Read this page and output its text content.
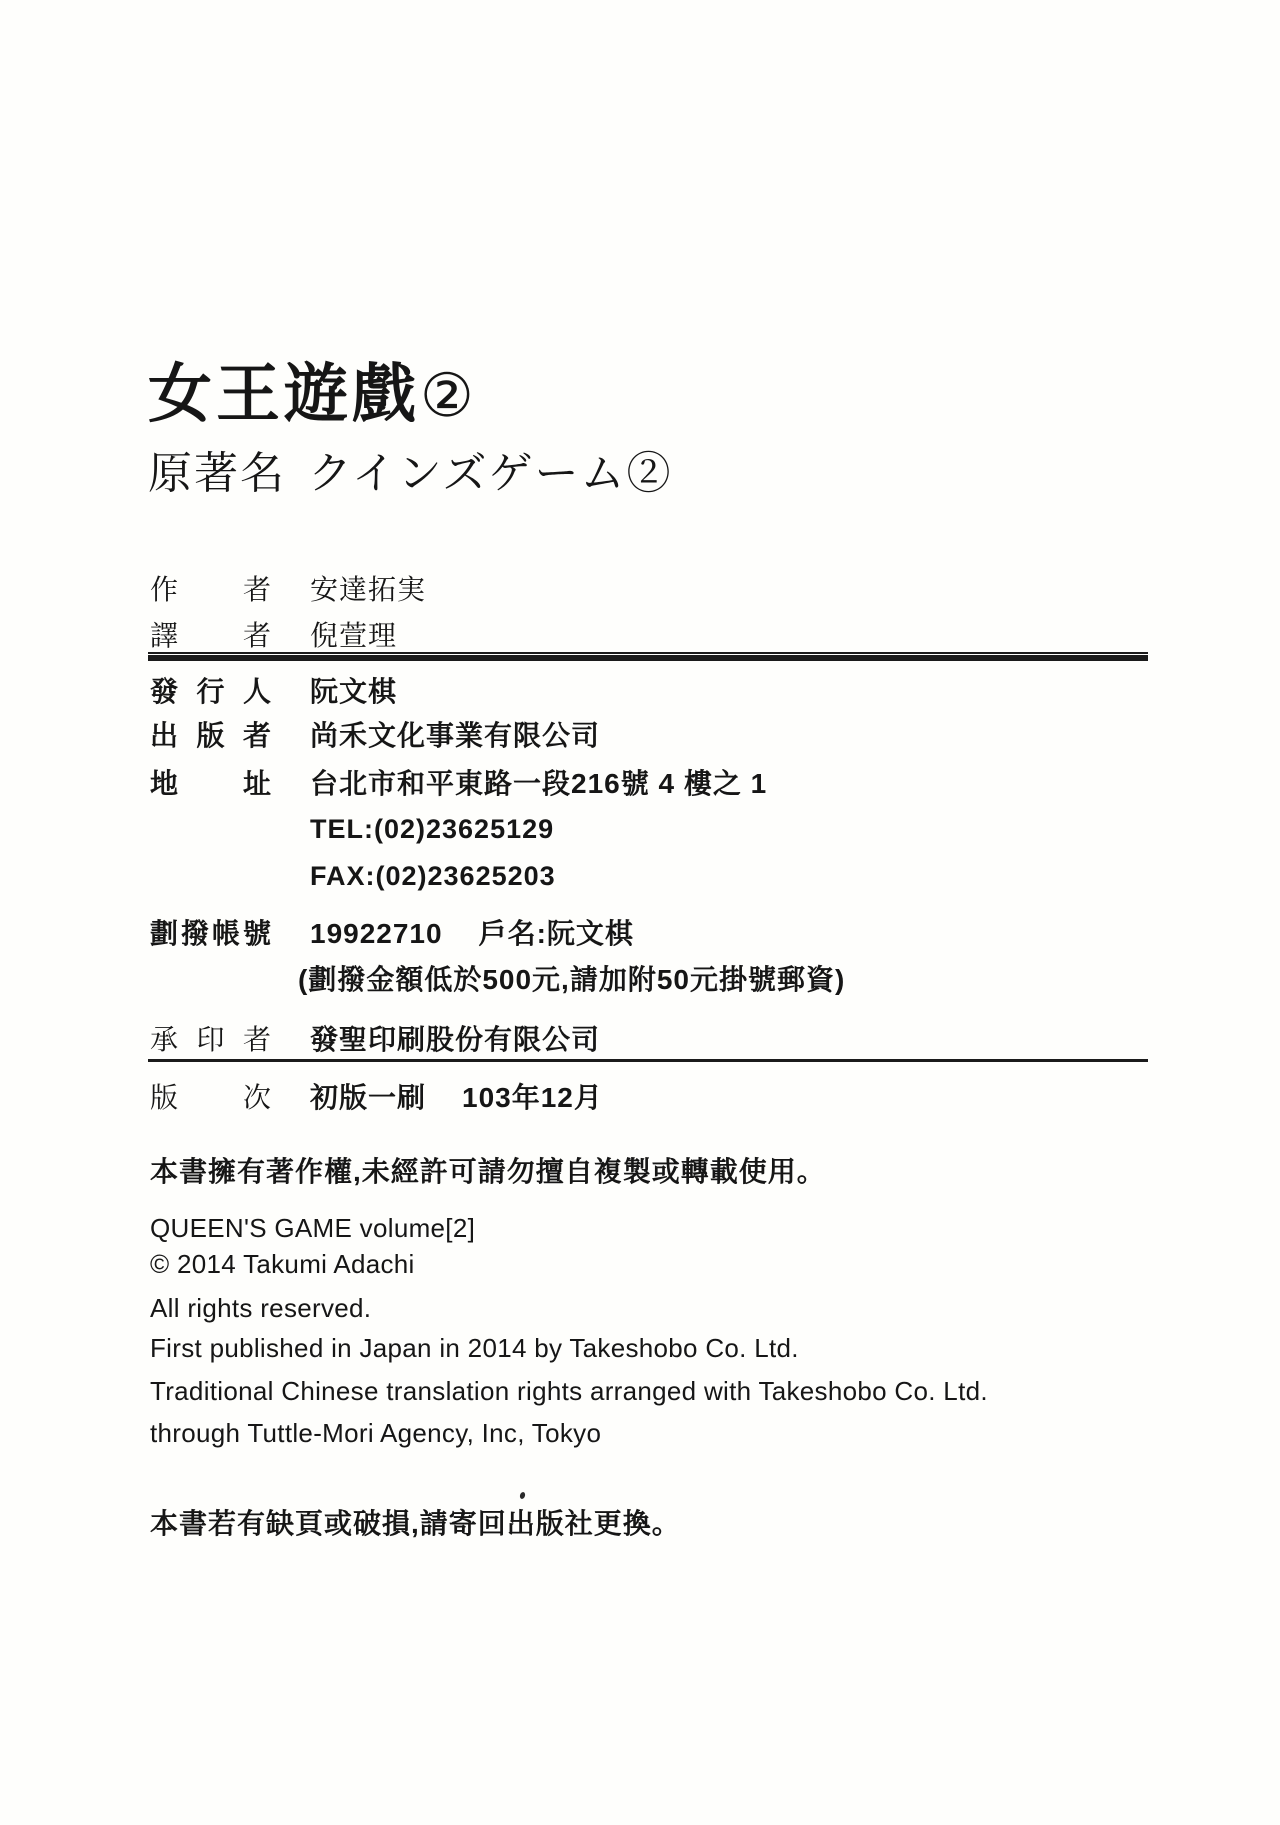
女王遊戲②
原著名 クインズゲーム②
作者 安達拓実
譯者 倪萱理
發行人 阮文棋
出版者 尚禾文化事業有限公司
地址 台北市和平東路一段216號 4 樓之 1
TEL:(02)23625129
FAX:(02)23625203
劃撥帳號 19922710 戶名:阮文棋
(劃撥金額低於500元,請加附50元掛號郵資)
承印者 發聖印刷股份有限公司
版次 初版一刷 103年12月
本書擁有著作權,未經許可請勿擅自複製或轉載使用。
QUEEN'S GAME volume[2]
© 2014 Takumi Adachi
All rights reserved.
First published in Japan in 2014 by Takeshobo Co. Ltd.
Traditional Chinese translation rights arranged with Takeshobo Co. Ltd.
through Tuttle-Mori Agency, Inc, Tokyo
本書若有缺頁或破損,請寄回出版社更換。
